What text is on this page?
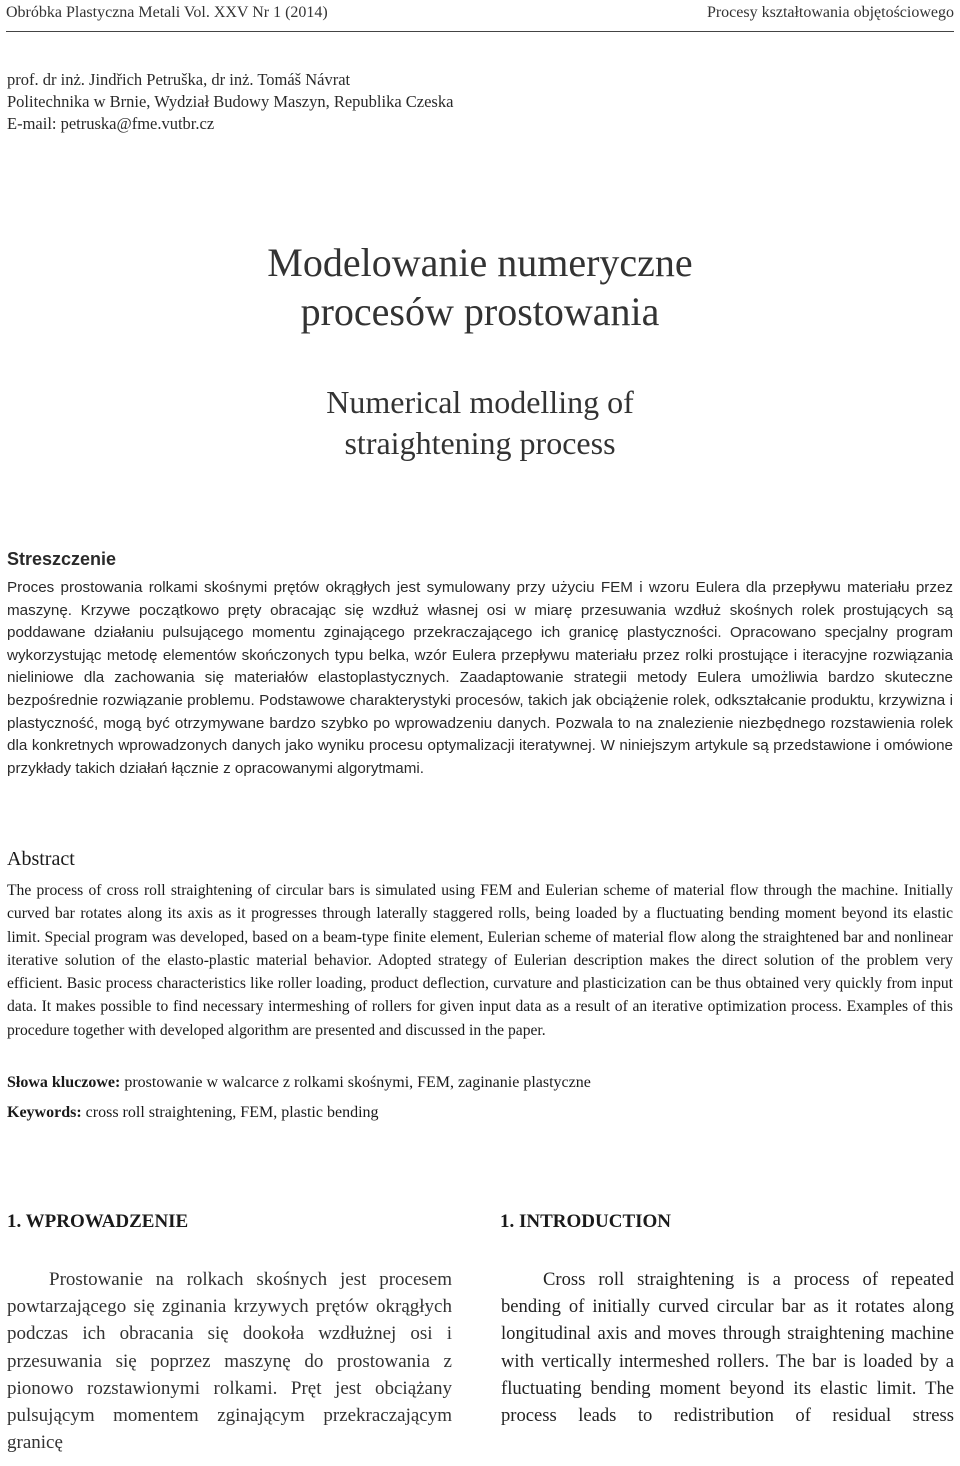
Obróbka Plastyczna Metali Vol. XXV Nr 1 (2014)	Procesy kształtowania objętościowego
prof. dr inż. Jindřich Petruška, dr inż. Tomáš Návrat
Politechnika w Brnie, Wydział Budowy Maszyn, Republika Czeska
E-mail: petruska@fme.vutbr.cz
Modelowanie numeryczne
procesów prostowania
Numerical modelling of
straightening process
Streszczenie
Proces prostowania rolkami skośnymi prętów okrągłych jest symulowany przy użyciu FEM i wzoru Eulera dla przepływu materiału przez maszynę. Krzywe początkowo pręty obracając się wzdłuż własnej osi w miarę przesuwania wzdłuż skośnych rolek prostujących są poddawane działaniu pulsującego momentu zginającego przekraczającego ich granicę plastyczności. Opracowano specjalny program wykorzystując metodę elementów skończonych typu belka, wzór Eulera przepływu materiału przez rolki prostujące i iteracyjne rozwiązania nieliniowe dla zachowania się materiałów elastoplastycznych. Zaadaptowanie strategii metody Eulera umożliwia bardzo skuteczne bezpośrednie rozwiązanie problemu. Podstawowe charakterystyki procesów, takich jak obciążenie rolek, odkształcanie produktu, krzywizna i plastyczność, mogą być otrzymywane bardzo szybko po wprowadzeniu danych. Pozwala to na znalezienie niezbędnego rozstawienia rolek dla konkretnych wprowadzonych danych jako wyniku procesu optymalizacji iteratywnej. W niniejszym artykule są przedstawione i omówione przykłady takich działań łącznie z opracowanymi algorytmami.
Abstract
The process of cross roll straightening of circular bars is simulated using FEM and Eulerian scheme of material flow through the machine. Initially curved bar rotates along its axis as it progresses through laterally staggered rolls, being loaded by a fluctuating bending moment beyond its elastic limit. Special program was developed, based on a beam-type finite element, Eulerian scheme of material flow along the straightened bar and nonlinear iterative solution of the elasto-plastic material behavior. Adopted strategy of Eulerian description makes the direct solution of the problem very efficient. Basic process characteristics like roller loading, product deflection, curvature and plasticization can be thus obtained very quickly from input data. It makes possible to find necessary intermeshing of rollers for given input data as a result of an iterative optimization process. Examples of this procedure together with developed algorithm are presented and discussed in the paper.
Słowa kluczowe: prostowanie w walcarce z rolkami skośnymi, FEM, zaginanie plastyczne
Keywords: cross roll straightening, FEM, plastic bending
1. WPROWADZENIE	1. INTRODUCTION
Prostowanie na rolkach skośnych jest procesem powtarzającego się zginania krzywych prętów okrągłych podczas ich obracania się dookoła wzdłużnej osi i przesuwania się poprzez maszynę do prostowania z pionowo rozstawionymi rolkami. Pręt jest obciążany pulsującym momentem zginającym przekraczającym granicę
Cross roll straightening is a process of repeated bending of initially curved circular bar as it rotates along longitudinal axis and moves through straightening machine with vertically intermeshed rollers. The bar is loaded by a fluctuating bending moment beyond its elastic limit. The process leads to redistribution of residual stress
